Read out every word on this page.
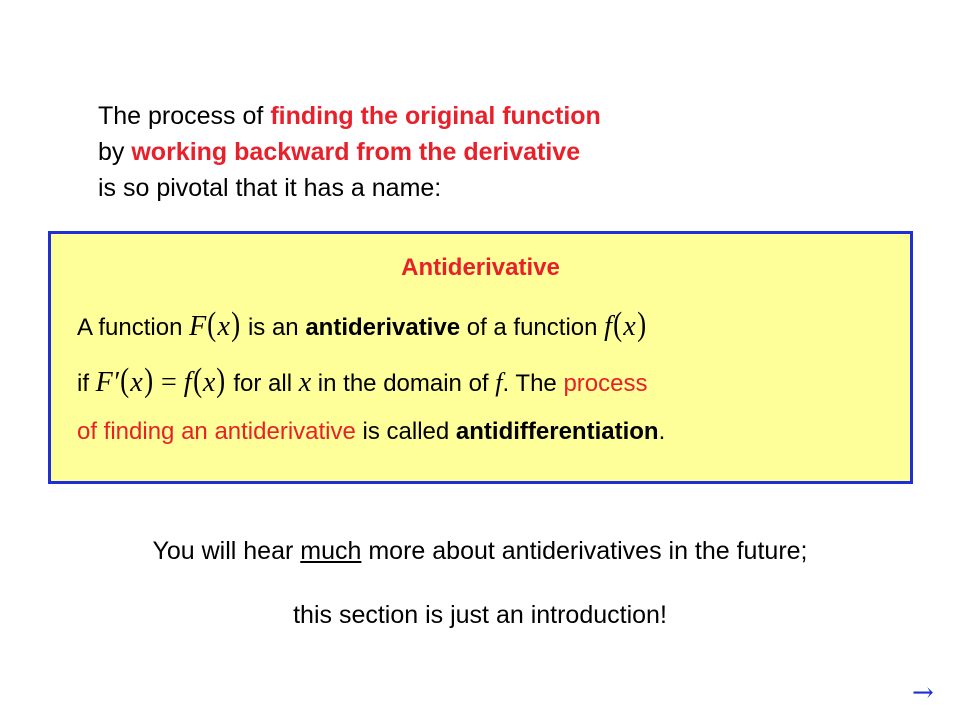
The process of finding the original function
by working backward from the derivative
is so pivotal that it has a name:
Antiderivative
A function F(x) is an antiderivative of a function f(x)
if F′(x) = f(x) for all x in the domain of f. The process
of finding an antiderivative is called antidifferentiation.
You will hear much more about antiderivatives in the future;
this section is just an introduction!
→
